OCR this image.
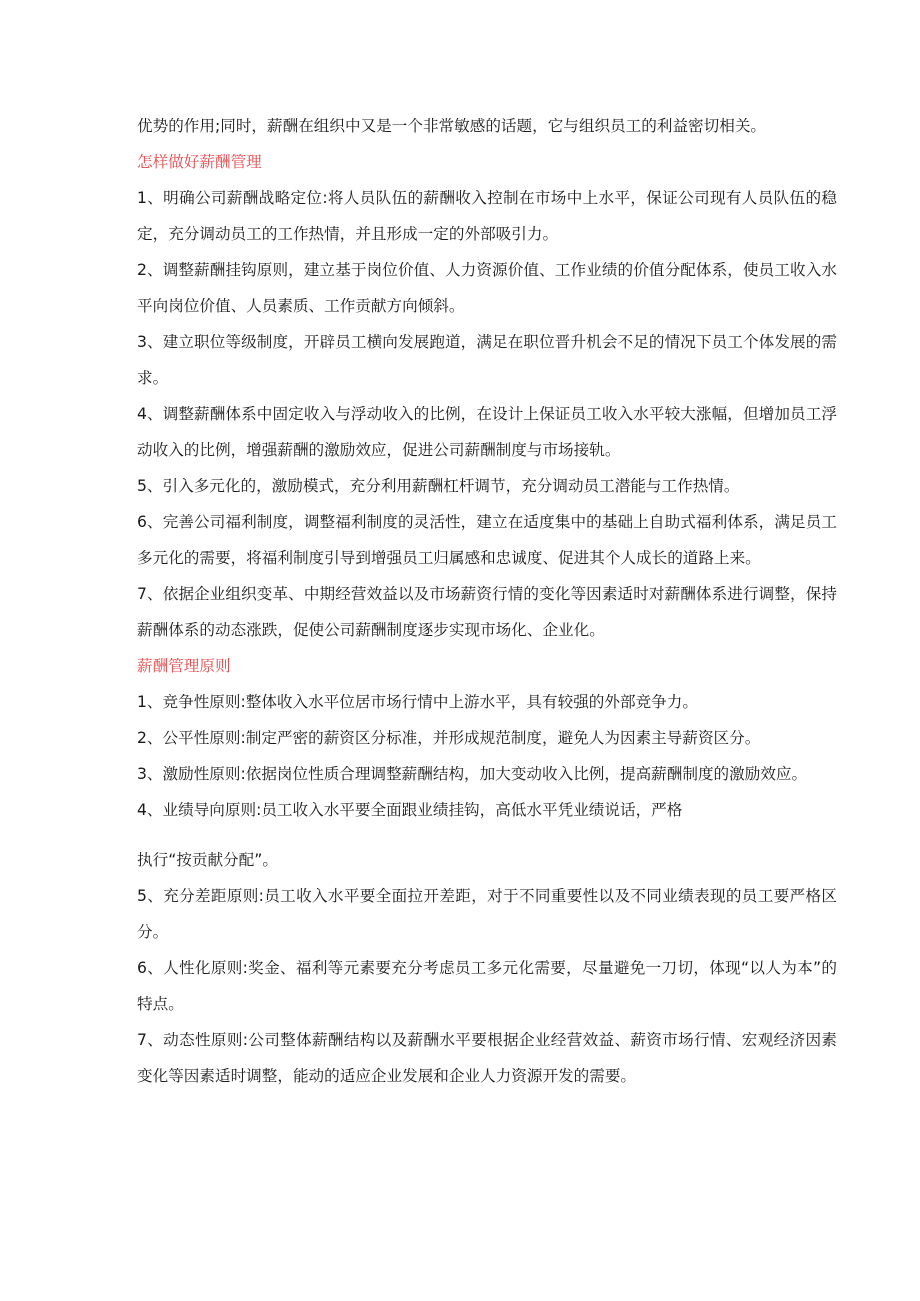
优势的作用;同时，薪酬在组织中又是一个非常敏感的话题，它与组织员工的利益密切相关。

怎样做好薪酬管理

1、明确公司薪酬战略定位:将人员队伍的薪酬收入控制在市场中上水平，保证公司现有人员队伍的稳定，充分调动员工的工作热情，并且形成一定的外部吸引力。

2、调整薪酬挂钩原则，建立基于岗位价值、人力资源价值、工作业绩的价值分配体系，使员工收入水平向岗位价值、人员素质、工作贡献方向倾斜。

3、建立职位等级制度，开辟员工横向发展跑道，满足在职位晋升机会不足的情况下员工个体发展的需求。

4、调整薪酬体系中固定收入与浮动收入的比例，在设计上保证员工收入水平较大涨幅，但增加员工浮动收入的比例，增强薪酬的激励效应，促进公司薪酬制度与市场接轨。

5、引入多元化的，激励模式，充分利用薪酬杠杆调节，充分调动员工潜能与工作热情。

6、完善公司福利制度，调整福利制度的灵活性，建立在适度集中的基础上自助式福利体系，满足员工多元化的需要，将福利制度引导到增强员工归属感和忠诚度、促进其个人成长的道路上来。

7、依据企业组织变革、中期经营效益以及市场薪资行情的变化等因素适时对薪酬体系进行调整，保持薪酬体系的动态涨跌，促使公司薪酬制度逐步实现市场化、企业化。

薪酬管理原则

1、竞争性原则:整体收入水平位居市场行情中上游水平，具有较强的外部竞争力。

2、公平性原则:制定严密的薪资区分标准，并形成规范制度，避免人为因素主导薪资区分。

3、激励性原则:依据岗位性质合理调整薪酬结构，加大变动收入比例，提高薪酬制度的激励效应。

4、业绩导向原则:员工收入水平要全面跟业绩挂钩，高低水平凭业绩说话，严格

执行“按贡献分配”。

5、充分差距原则:员工收入水平要全面拉开差距，对于不同重要性以及不同业绩表现的员工要严格区分。

6、人性化原则:奖金、福利等元素要充分考虑员工多元化需要，尽量避免一刀切，体现“以人为本”的特点。

7、动态性原则:公司整体薪酬结构以及薪酬水平要根据企业经营效益、薪资市场行情、宏观经济因素变化等因素适时调整，能动的适应企业发展和企业人力资源开发的需要。
